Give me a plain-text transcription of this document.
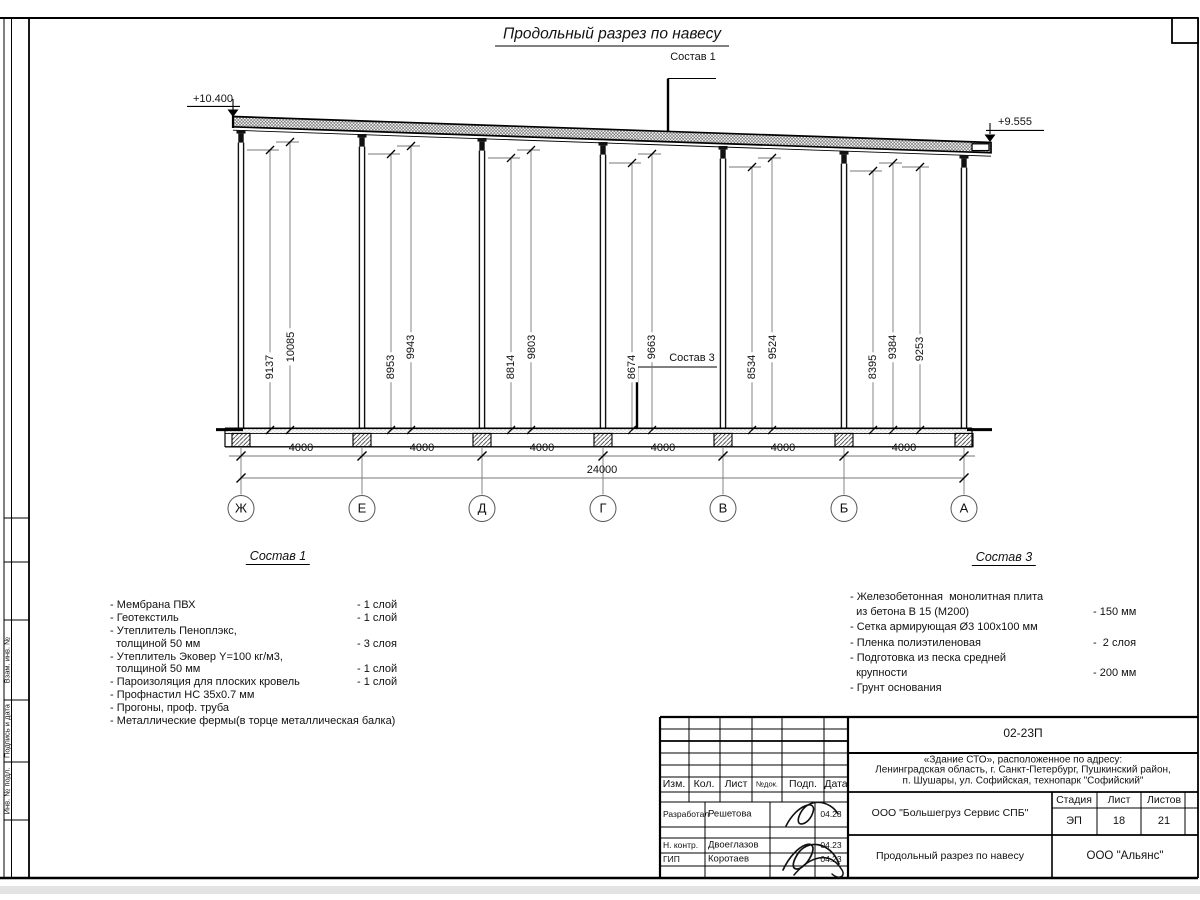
Продольный разрез по навесу
+10.400
+9.555
Состав 1
Состав 3
9137
10085
8953
9943
8814
9803
8674
9663
8534
9524
8395
9384 9253
4000	4000	4000	4000	4000	4000
24000
Ж	Е	Д	Г	В	Б	А
Состав 1
- Мембрана ПВХ	- 1 слой
- Геотекстиль	- 1 слой
- Утеплитель Пеноплэкс,
толщиной 50 мм	- 3 слоя
- Утеплитель Эковер Y=100 кг/м3,
толщиной 50 мм	- 1 слой
- Пароизоляция для плоских кровель	- 1 слой
- Профнастил НС 35х0.7 мм
- Прогоны, проф. труба
- Металлические фермы(в торце металлическая балка)
Состав 3
- Железобетонная  монолитная плита
из бетона В 15 (М200)	- 150 мм
- Сетка армирующая Ø3 100х100 мм
- Пленка полиэтиленовая	-  2 слоя
- Подготовка из песка средней
крупности	- 200 мм
- Грунт основания
Взам. инв. №
Подпись и дата
Инв. № подл.	Изм. Кол. Лист №док. Подп. Дата
Разработал
Решетова	04.23
Н. контр. Двоеглазов	04.23
ГИП	Коротаев	04.23
02-23П
«Здание СТО», расположенное по адресу:
Ленинградская область, г. Санкт-Петербург, Пушкинский район,
п. Шушары, ул. Софийская, технопарк "Софийский"
ООО "Большегруз Сервис СПБ"
Продольный разрез по навесу
Стадия Лист Листов
ЭП	18	21
ООО "Альянс"
